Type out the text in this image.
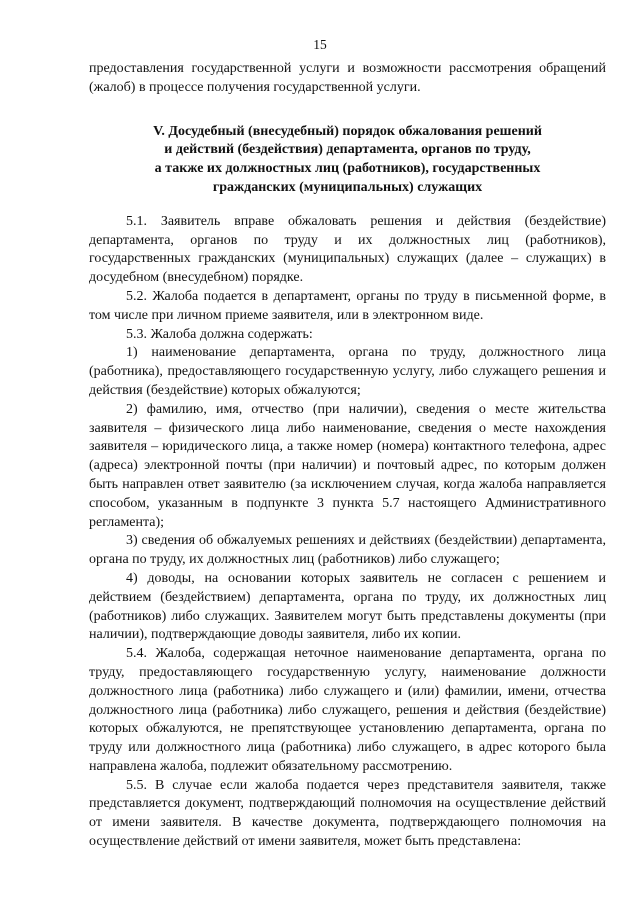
15

предоставления государственной услуги и возможности рассмотрения обращений (жалоб) в процессе получения государственной услуги.

V. Досудебный (внесудебный) порядок обжалования решений
и действий (бездействия) департамента, органов по труду,
а также их должностных лиц (работников), государственных
гражданских (муниципальных) служащих

5.1. Заявитель вправе обжаловать решения и действия (бездействие) департамента, органов по труду и их должностных лиц (работников), государственных гражданских (муниципальных) служащих (далее – служащих) в досудебном (внесудебном) порядке.

5.2. Жалоба подается в департамент, органы по труду в письменной форме, в том числе при личном приеме заявителя, или в электронном виде.

5.3. Жалоба должна содержать:

1) наименование департамента, органа по труду, должностного лица (работника), предоставляющего государственную услугу, либо служащего решения и действия (бездействие) которых обжалуются;

2) фамилию, имя, отчество (при наличии), сведения о месте жительства заявителя – физического лица либо наименование, сведения о месте нахождения заявителя – юридического лица, а также номер (номера) контактного телефона, адрес (адреса) электронной почты (при наличии) и почтовый адрес, по которым должен быть направлен ответ заявителю (за исключением случая, когда жалоба направляется способом, указанным в подпункте 3 пункта 5.7 настоящего Административного регламента);

3) сведения об обжалуемых решениях и действиях (бездействии) департамента, органа по труду, их должностных лиц (работников) либо служащего;

4) доводы, на основании которых заявитель не согласен с решением и действием (бездействием) департамента, органа по труду, их должностных лиц (работников) либо служащих. Заявителем могут быть представлены документы (при наличии), подтверждающие доводы заявителя, либо их копии.

5.4. Жалоба, содержащая неточное наименование департамента, органа по труду, предоставляющего государственную услугу, наименование должности должностного лица (работника) либо служащего и (или) фамилии, имени, отчества должностного лица (работника) либо служащего, решения и действия (бездействие) которых обжалуются, не препятствующее установлению департамента, органа по труду или должностного лица (работника) либо служащего, в адрес которого была направлена жалоба, подлежит обязательному рассмотрению.

5.5. В случае если жалоба подается через представителя заявителя, также представляется документ, подтверждающий полномочия на осуществление действий от имени заявителя. В качестве документа, подтверждающего полномочия на осуществление действий от имени заявителя, может быть представлена:
